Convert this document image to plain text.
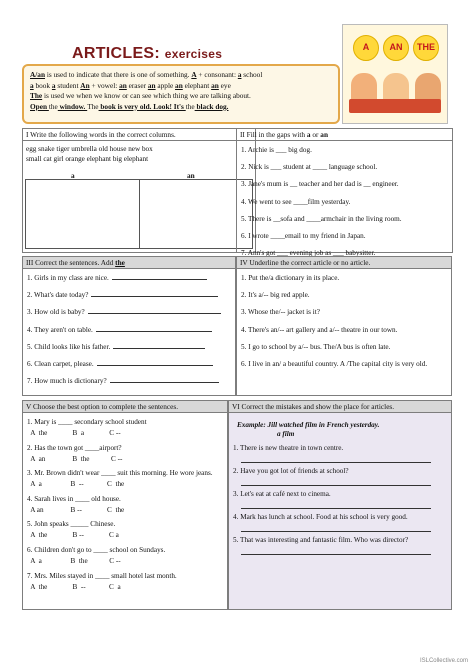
ARTICLES: exercises

A/an is used to indicate that there is one of something. A + consonant: a school

a book a student An + vowel: an eraser an apple an elephant an eye

The is used we when we know or can see which thing we are talking about.

Open the window. The book is very old. Look! It's the black dog.

A	AN	THE
I Write the following words in the correct columns.
egg snake tiger umbrella old house new box
small cat girl orange elephant big elephant
a	an
II Fill in the gaps with a or an
1. Archie is ___ big dog.
2. Nick is ___ student at ____ language school.
3. Jane's mum is __ teacher and her dad is __ engineer.
4. We went to see ____film yesterday.
5. There is __sofa and ____armchair in the living room.
6. I wrote ____email to my friend in Japan.
7. Ann's got ___ evening job as ___ babysitter.
III Correct the sentences. Add the
1. Girls in my class are nice.
2. What's date today?
3. How old is baby?
4. They aren't on table.
5. Child looks like his father.
6. Clean carpet, please.
7. How much is dictionary?
IV Underline the correct article or no article.
1. Put the/a dictionary in its place.
2. It's a/-- big red apple.
3. Whose the/-- jacket is it?
4. There's an/-- art gallery and a/-- theatre in our town.
5. I go to school by a/-- bus. The/A bus is often late.
6. I live in an/ a beautiful country. A /The capital city is very old.
V Choose the best option to complete the sentences.
1. Mary is ____ secondary school student
A  the              B  a              C --
2. Has the town got ____airport?
A  an               B  the            C --
3. Mr. Brown didn't wear ____ suit this morning. He wore jeans.
A  a                B  --             C  the
4. Sarah lives in ____ old house.
A an               B --              C  the
5. John speaks _____ Chinese.
A  the              B --              C a
6. Children don't go to ____ school on Sundays.
A  a                B  the            C --
7. Mrs. Miles stayed in ____ small hotel last month.
A  the              B  --             C  a
VI Correct the mistakes and show the place for articles.
Example: Jill watched film in French yesterday.
a film
1. There is new theatre in town centre.
2. Have you got lot of friends at school?
3. Let's eat at café next to cinema.
4. Mark has lunch at school. Food at his school is very good.
5. That was interesting and fantastic film. Who was director?
ISLCollective.com
